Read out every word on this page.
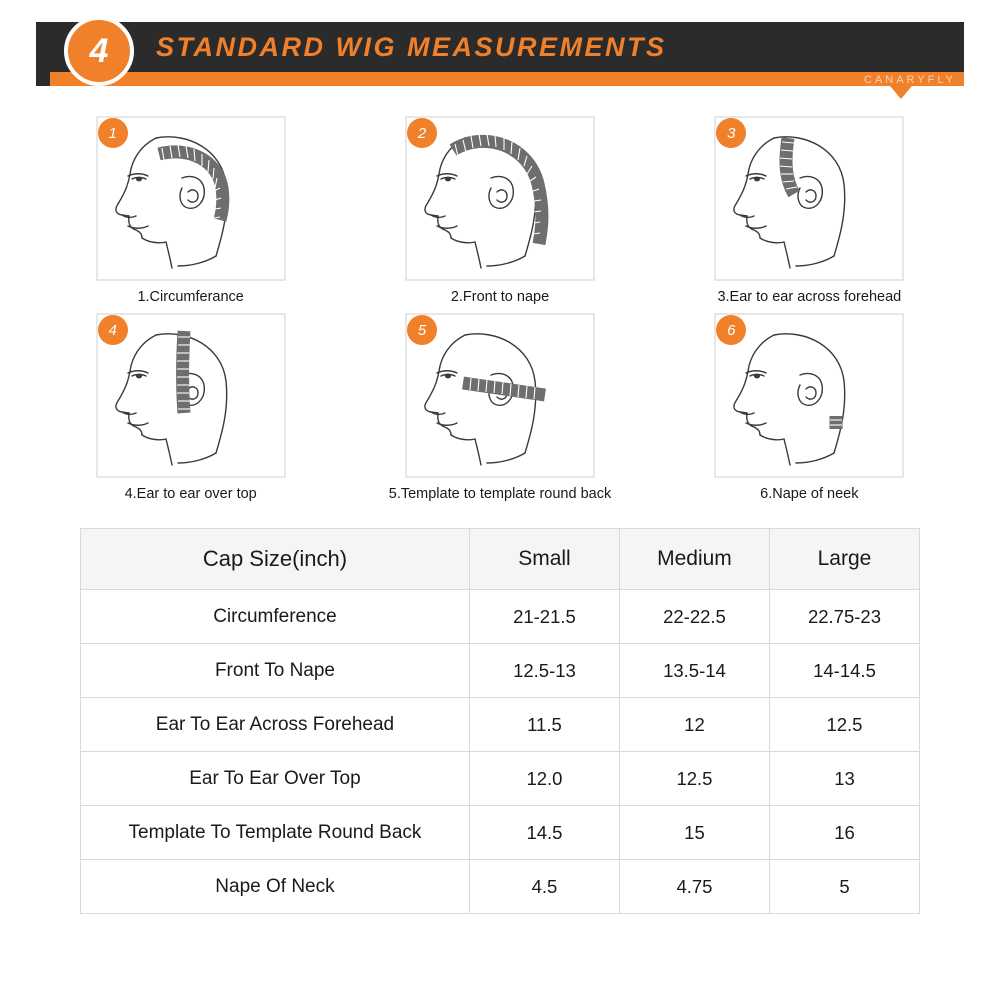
4	STANDARD WIG MEASUREMENTS
CANARYFLY
1
1.Circumferance
2
2.Front to nape
3
3.Ear to ear across forehead
4
4.Ear to ear over top
5
5.Template to template round back
6
6.Nape of neek
Cap Size(inch)	Small	Medium	Large
Circumference	21-21.5	22-22.5	22.75-23
Front To Nape	12.5-13	13.5-14	14-14.5
Ear To Ear Across Forehead	11.5	12	12.5
Ear To Ear Over Top	12.0	12.5	13
Template To Template Round Back	14.5	15	16
Nape Of Neck	4.5	4.75	5
